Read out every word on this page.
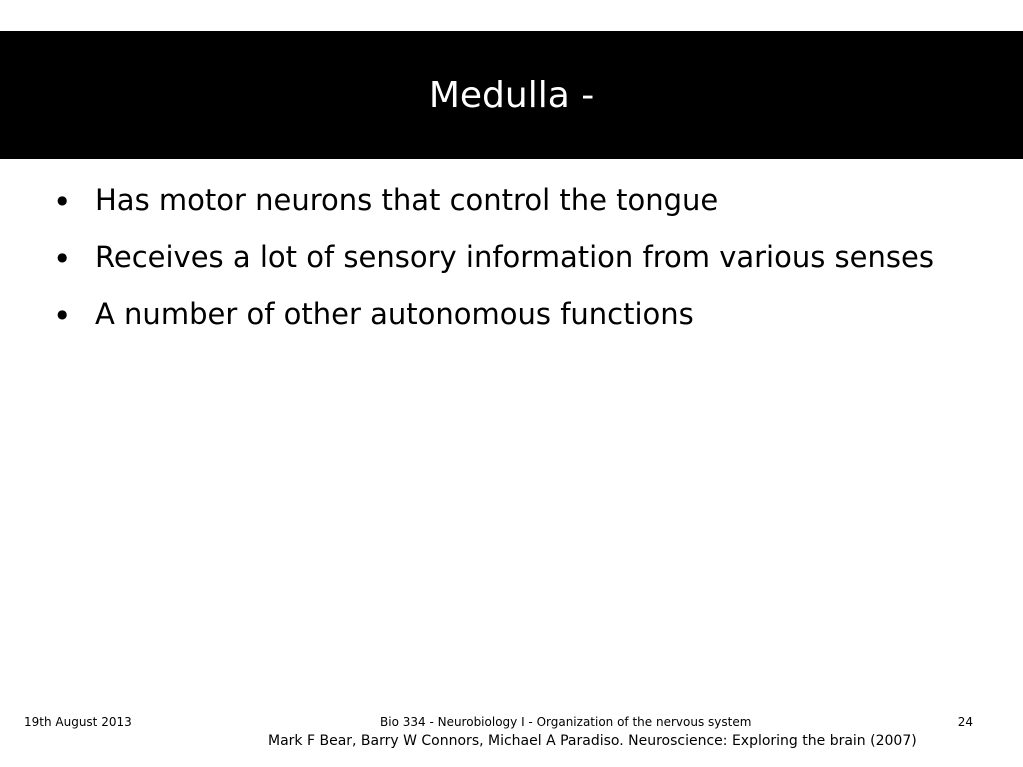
Medulla -
● Has motor neurons that control the tongue
● Receives a lot of sensory information from various senses
● A number of other autonomous functions
19th August 2013	Bio 334 - Neurobiology I - Organization of the nervous system	24
Mark F Bear, Barry W Connors, Michael A Paradiso. Neuroscience: Exploring the brain (2007)
